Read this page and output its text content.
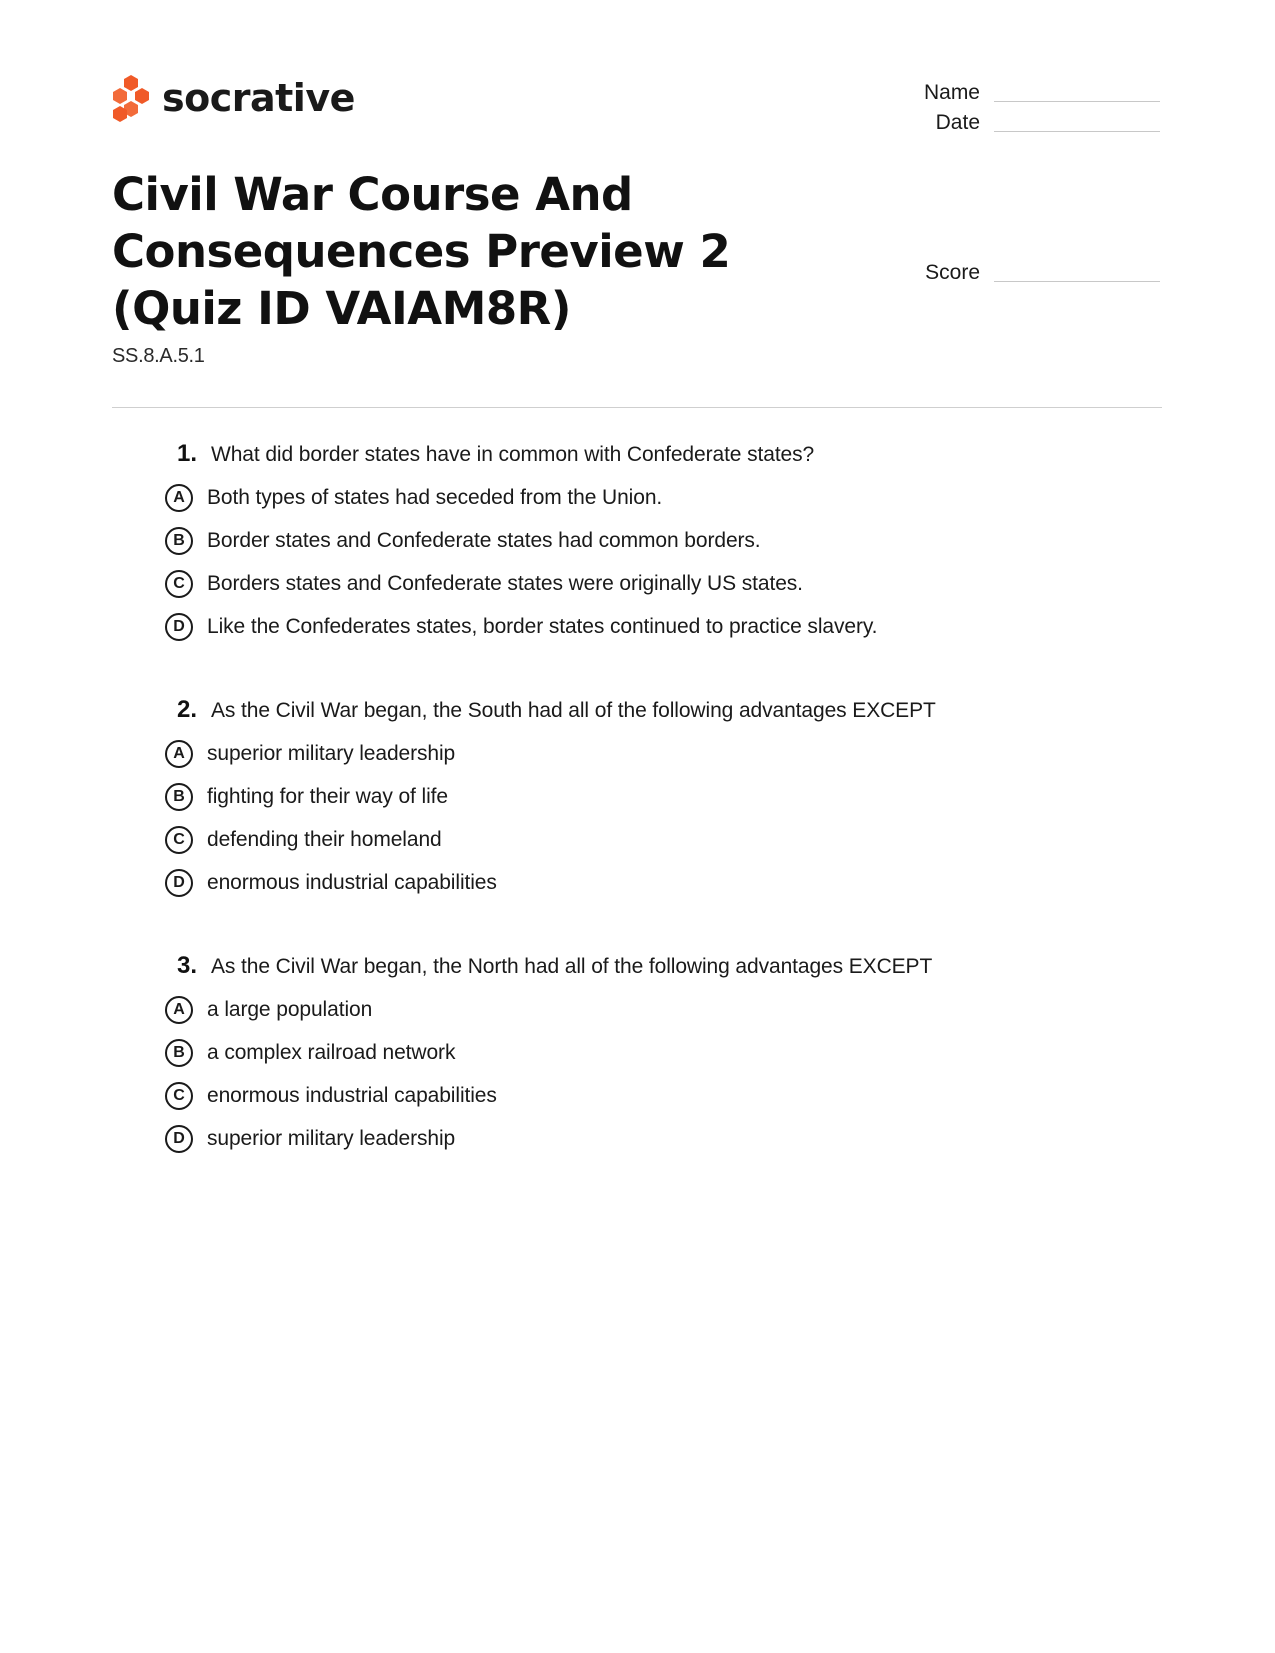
socrative	Name
Date
Score
Civil War Course And Consequences Preview 2 (Quiz ID VAIAM8R)
SS.8.A.5.1
1. What did border states have in common with Confederate states?
A	Both types of states had seceded from the Union.
B	Border states and Confederate states had common borders.
C	Borders states and Confederate states were originally US states.
D	Like the Confederates states, border states continued to practice slavery.
2. As the Civil War began, the South had all of the following advantages EXCEPT
A	superior military leadership
B	fighting for their way of life
C	defending their homeland
D	enormous industrial capabilities
3. As the Civil War began, the North had all of the following advantages EXCEPT
A	a large population
B	a complex railroad network
C	enormous industrial capabilities
D	superior military leadership
